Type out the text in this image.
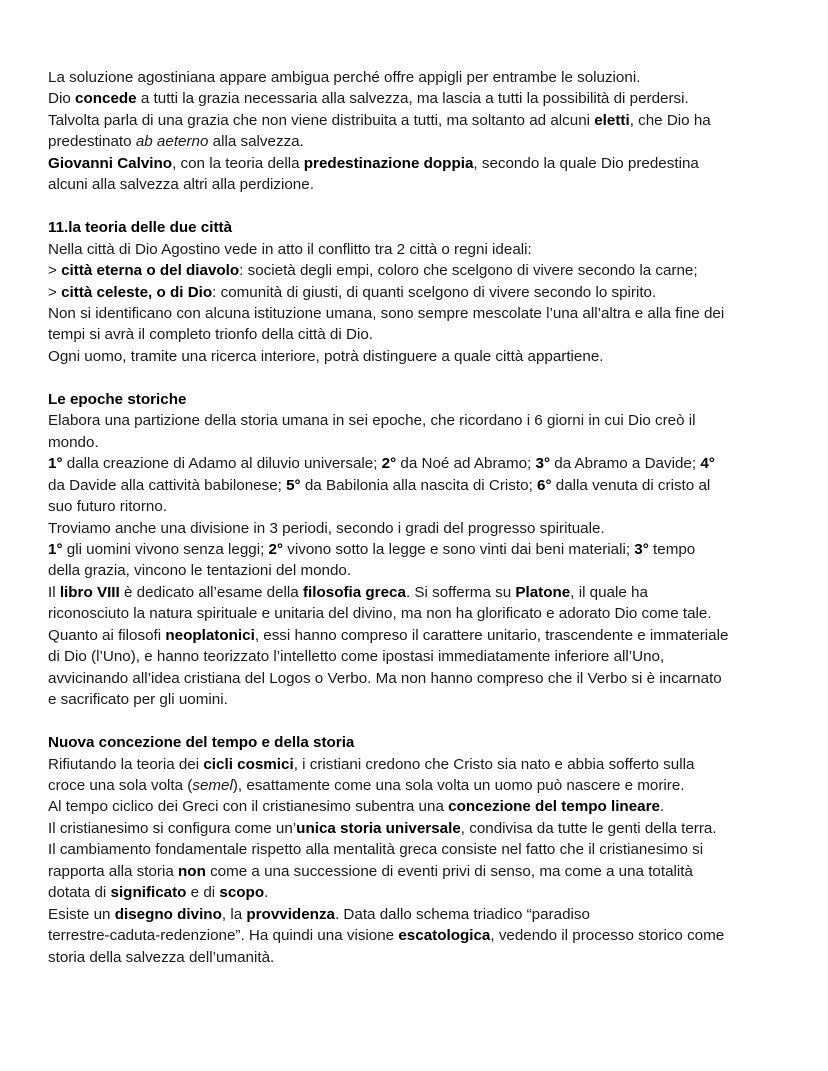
La soluzione agostiniana appare ambigua perché offre appigli per entrambe le soluzioni.
Dio concede a tutti la grazia necessaria alla salvezza, ma lascia a tutti la possibilità di perdersi.
Talvolta parla di una grazia che non viene distribuita a tutti, ma soltanto ad alcuni eletti, che Dio ha
predestinato ab aeterno alla salvezza.
Giovanni Calvino, con la teoria della predestinazione doppia, secondo la quale Dio predestina
alcuni alla salvezza altri alla perdizione.
11.la teoria delle due città
Nella città di Dio Agostino vede in atto il conflitto tra 2 città o regni ideali:
> città eterna o del diavolo: società degli empi, coloro che scelgono di vivere secondo la carne;
> città celeste, o di Dio: comunità di giusti, di quanti scelgono di vivere secondo lo spirito.
Non si identificano con alcuna istituzione umana, sono sempre mescolate l’una all’altra e alla fine dei
tempi si avrà il completo trionfo della città di Dio.
Ogni uomo, tramite una ricerca interiore, potrà distinguere a quale città appartiene.
Le epoche storiche
Elabora una partizione della storia umana in sei epoche, che ricordano i 6 giorni in cui Dio creò il
mondo.
1° dalla creazione di Adamo al diluvio universale; 2° da Noé ad Abramo; 3° da Abramo a Davide; 4°
da Davide alla cattività babilonese; 5° da Babilonia alla nascita di Cristo; 6° dalla venuta di cristo al
suo futuro ritorno.
Troviamo anche una divisione in 3 periodi, secondo i gradi del progresso spirituale.
1° gli uomini vivono senza leggi; 2° vivono sotto la legge e sono vinti dai beni materiali; 3° tempo
della grazia, vincono le tentazioni del mondo.
Il libro VIII è dedicato all’esame della filosofia greca. Si sofferma su Platone, il quale ha
riconosciuto la natura spirituale e unitaria del divino, ma non ha glorificato e adorato Dio come tale.
Quanto ai filosofi neoplatonici, essi hanno compreso il carattere unitario, trascendente e immateriale
di Dio (l’Uno), e hanno teorizzato l’intelletto come ipostasi immediatamente inferiore all’Uno,
avvicinando all’idea cristiana del Logos o Verbo. Ma non hanno compreso che il Verbo si è incarnato
e sacrificato per gli uomini.
Nuova concezione del tempo e della storia
Rifiutando la teoria dei cicli cosmici, i cristiani credono che Cristo sia nato e abbia sofferto sulla
croce una sola volta (semel), esattamente come una sola volta un uomo può nascere e morire.
Al tempo ciclico dei Greci con il cristianesimo subentra una concezione del tempo lineare.
Il cristianesimo si configura come un’unica storia universale, condivisa da tutte le genti della terra.
Il cambiamento fondamentale rispetto alla mentalità greca consiste nel fatto che il cristianesimo si
rapporta alla storia non come a una successione di eventi privi di senso, ma come a una totalità
dotata di significato e di scopo.
Esiste un disegno divino, la provvidenza. Data dallo schema triadico “paradiso
terrestre-caduta-redenzione”. Ha quindi una visione escatologica, vedendo il processo storico come
storia della salvezza dell’umanità.
